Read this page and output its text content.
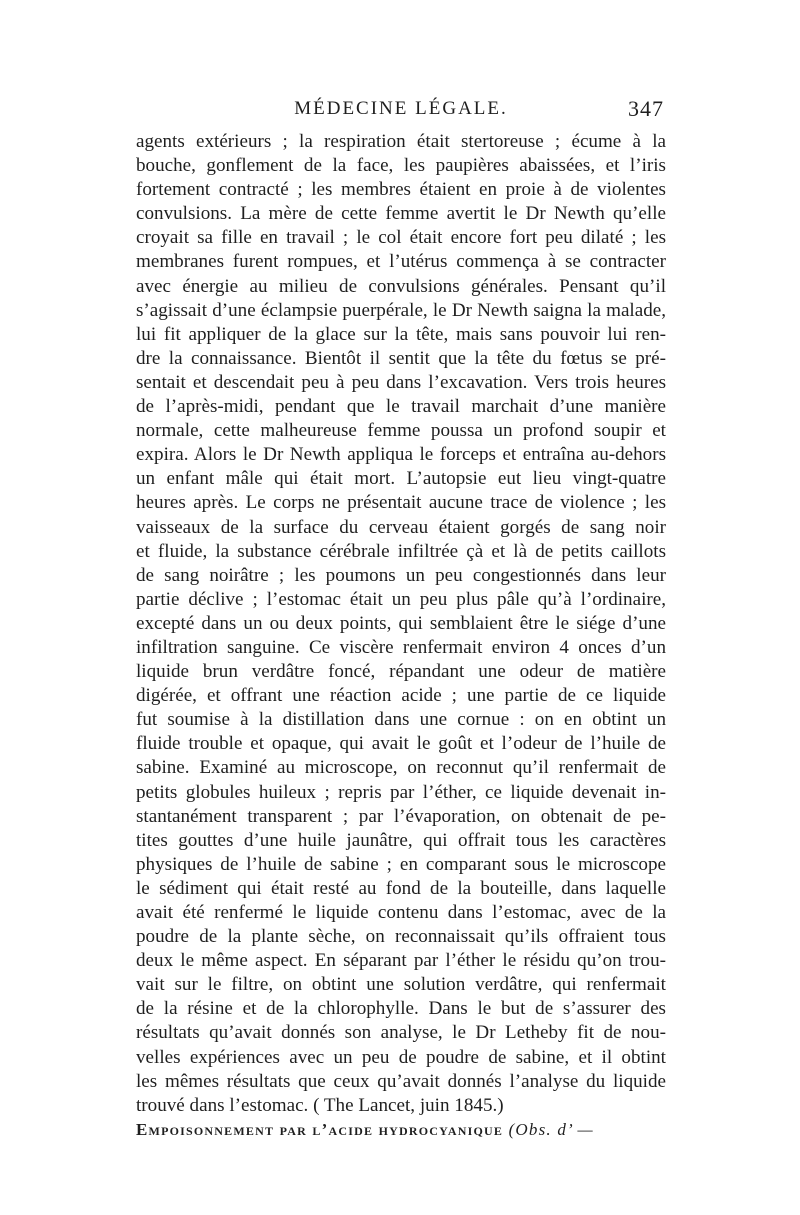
MÉDECINE LÉGALE.	347
agents extérieurs ; la respiration était stertoreuse ; écume à la
bouche, gonflement de la face, les paupières abaissées, et l’iris
fortement contracté ; les membres étaient en proie à de violentes
convulsions. La mère de cette femme avertit le Dr Newth qu’elle
croyait sa fille en travail ; le col était encore fort peu dilaté ; les
membranes furent rompues, et l’utérus commença à se contracter
avec énergie au milieu de convulsions générales. Pensant qu’il
s’agissait d’une éclampsie puerpérale, le Dr Newth saigna la malade,
lui fit appliquer de la glace sur la tête, mais sans pouvoir lui ren-
dre la connaissance. Bientôt il sentit que la tête du fœtus se pré-
sentait et descendait peu à peu dans l’excavation. Vers trois heures
de l’après-midi, pendant que le travail marchait d’une manière
normale, cette malheureuse femme poussa un profond soupir et
expira. Alors le Dr Newth appliqua le forceps et entraîna au-dehors
un enfant mâle qui était mort. L’autopsie eut lieu vingt-quatre
heures après. Le corps ne présentait aucune trace de violence ; les
vaisseaux de la surface du cerveau étaient gorgés de sang noir
et fluide, la substance cérébrale infiltrée çà et là de petits caillots
de sang noirâtre ; les poumons un peu congestionnés dans leur
partie déclive ; l’estomac était un peu plus pâle qu’à l’ordinaire,
excepté dans un ou deux points, qui semblaient être le siége d’une
infiltration sanguine. Ce viscère renfermait environ 4 onces d’un
liquide brun verdâtre foncé, répandant une odeur de matière
digérée, et offrant une réaction acide ; une partie de ce liquide
fut soumise à la distillation dans une cornue : on en obtint un
fluide trouble et opaque, qui avait le goût et l’odeur de l’huile de
sabine. Examiné au microscope, on reconnut qu’il renfermait de
petits globules huileux ; repris par l’éther, ce liquide devenait in-
stantanément transparent ; par l’évaporation, on obtenait de pe-
tites gouttes d’une huile jaunâtre, qui offrait tous les caractères
physiques de l’huile de sabine ; en comparant sous le microscope
le sédiment qui était resté au fond de la bouteille, dans laquelle
avait été renfermé le liquide contenu dans l’estomac, avec de la
poudre de la plante sèche, on reconnaissait qu’ils offraient tous
deux le même aspect. En séparant par l’éther le résidu qu’on trou-
vait sur le filtre, on obtint une solution verdâtre, qui renfermait
de la résine et de la chlorophylle. Dans le but de s’assurer des
résultats qu’avait donnés son analyse, le Dr Letheby fit de nou-
velles expériences avec un peu de poudre de sabine, et il obtint
les mêmes résultats que ceux qu’avait donnés l’analyse du liquide
trouvé dans l’estomac. ( The Lancet, juin 1845.)
Empoisonnement par l’acide hydrocyanique (Obs. d’ —
